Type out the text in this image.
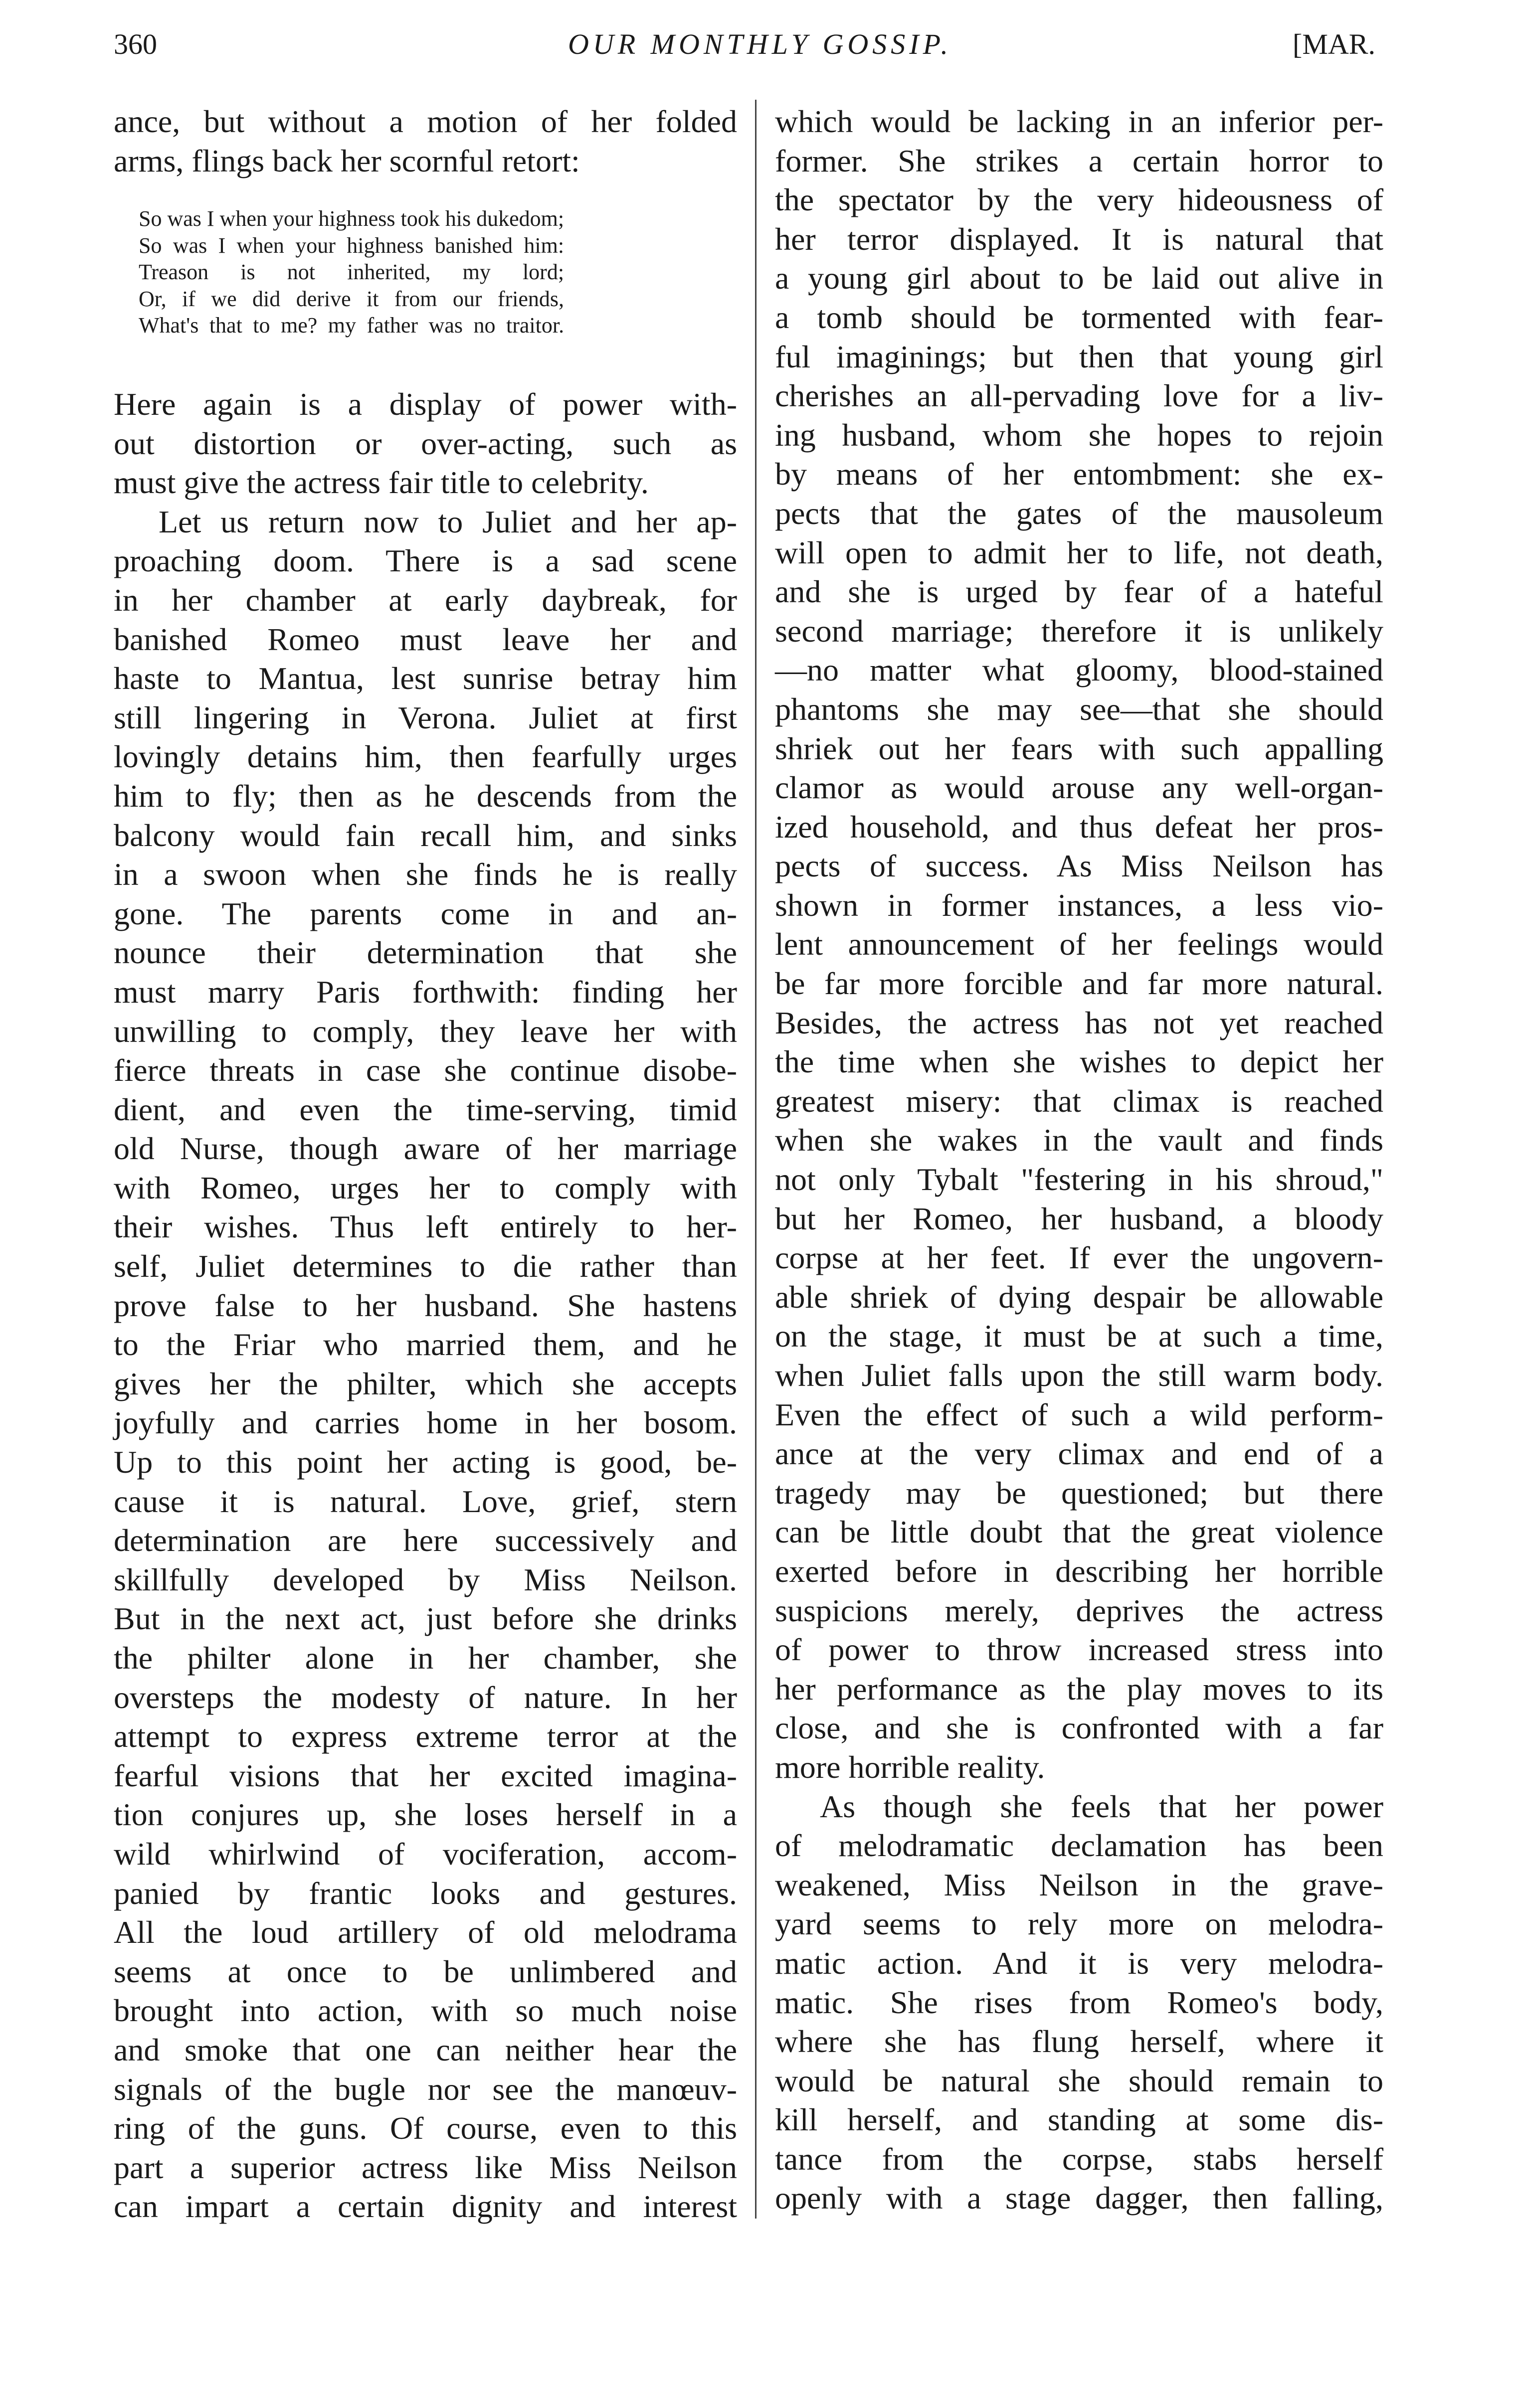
360	OUR MONTHLY GOSSIP.	[MAR.
ance, but without a motion of her folded
arms, flings back her scornful retort:
So was I when your highness took his dukedom;
So was I when your highness banished him:
Treason is not inherited, my lord;
Or, if we did derive it from our friends,
What's that to me? my father was no traitor.
Here again is a display of power with-
out distortion or over-acting, such as
must give the actress fair title to celebrity.
Let us return now to Juliet and her ap-
proaching doom. There is a sad scene
in her chamber at early daybreak, for
banished Romeo must leave her and
haste to Mantua, lest sunrise betray him
still lingering in Verona. Juliet at first
lovingly detains him, then fearfully urges
him to fly; then as he descends from the
balcony would fain recall him, and sinks
in a swoon when she finds he is really
gone. The parents come in and an-
nounce their determination that she
must marry Paris forthwith: finding her
unwilling to comply, they leave her with
fierce threats in case she continue disobe-
dient, and even the time-serving, timid
old Nurse, though aware of her marriage
with Romeo, urges her to comply with
their wishes. Thus left entirely to her-
self, Juliet determines to die rather than
prove false to her husband. She hastens
to the Friar who married them, and he
gives her the philter, which she accepts
joyfully and carries home in her bosom.
Up to this point her acting is good, be-
cause it is natural. Love, grief, stern
determination are here successively and
skillfully developed by Miss Neilson.
But in the next act, just before she drinks
the philter alone in her chamber, she
oversteps the modesty of nature. In her
attempt to express extreme terror at the
fearful visions that her excited imagina-
tion conjures up, she loses herself in a
wild whirlwind of vociferation, accom-
panied by frantic looks and gestures.
All the loud artillery of old melodrama
seems at once to be unlimbered and
brought into action, with so much noise
and smoke that one can neither hear the
signals of the bugle nor see the manœuv-
ring of the guns. Of course, even to this
part a superior actress like Miss Neilson
can impart a certain dignity and interest
which would be lacking in an inferior per-
former. She strikes a certain horror to
the spectator by the very hideousness of
her terror displayed. It is natural that
a young girl about to be laid out alive in
a tomb should be tormented with fear-
ful imaginings; but then that young girl
cherishes an all-pervading love for a liv-
ing husband, whom she hopes to rejoin
by means of her entombment: she ex-
pects that the gates of the mausoleum
will open to admit her to life, not death,
and she is urged by fear of a hateful
second marriage; therefore it is unlikely
—no matter what gloomy, blood-stained
phantoms she may see—that she should
shriek out her fears with such appalling
clamor as would arouse any well-organ-
ized household, and thus defeat her pros-
pects of success. As Miss Neilson has
shown in former instances, a less vio-
lent announcement of her feelings would
be far more forcible and far more natural.
Besides, the actress has not yet reached
the time when she wishes to depict her
greatest misery: that climax is reached
when she wakes in the vault and finds
not only Tybalt "festering in his shroud,"
but her Romeo, her husband, a bloody
corpse at her feet. If ever the ungovern-
able shriek of dying despair be allowable
on the stage, it must be at such a time,
when Juliet falls upon the still warm body.
Even the effect of such a wild perform-
ance at the very climax and end of a
tragedy may be questioned; but there
can be little doubt that the great violence
exerted before in describing her horrible
suspicions merely, deprives the actress
of power to throw increased stress into
her performance as the play moves to its
close, and she is confronted with a far
more horrible reality.
As though she feels that her power
of melodramatic declamation has been
weakened, Miss Neilson in the grave-
yard seems to rely more on melodra-
matic action. And it is very melodra-
matic. She rises from Romeo's body,
where she has flung herself, where it
would be natural she should remain to
kill herself, and standing at some dis-
tance from the corpse, stabs herself
openly with a stage dagger, then falling,
